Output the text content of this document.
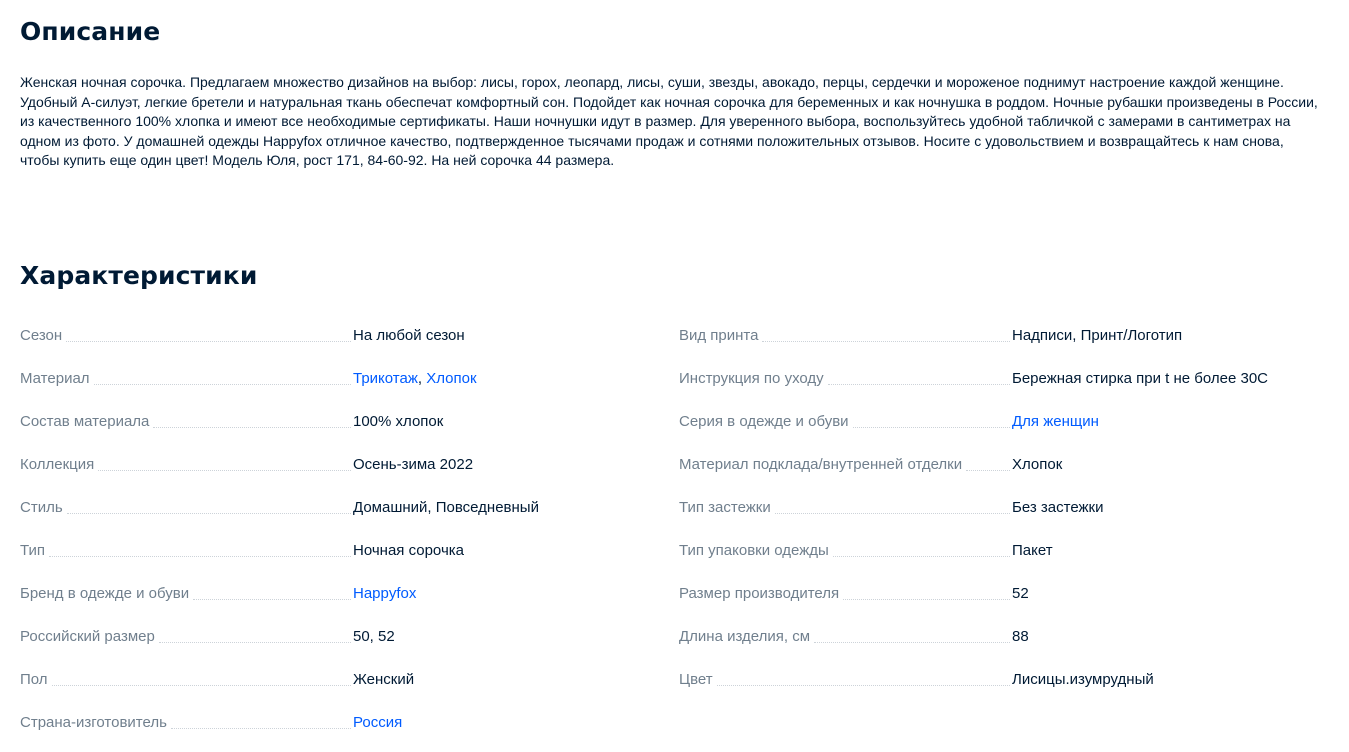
Описание
Женская ночная сорочка. Предлагаем множество дизайнов на выбор: лисы, горох, леопард, лисы, суши, звезды, авокадо, перцы, сердечки и мороженое поднимут настроение каждой женщине. Удобный А-силуэт, легкие бретели и натуральная ткань обеспечат комфортный сон. Подойдет как ночная сорочка для беременных и как ночнушка в роддом. Ночные рубашки произведены в России, из качественного 100% хлопка и имеют все необходимые сертификаты. Наши ночнушки идут в размер. Для уверенного выбора, воспользуйтесь удобной табличкой с замерами в сантиметрах на одном из фото. У домашней одежды Happyfox отличное качество, подтвержденное тысячами продаж и сотнями положительных отзывов. Носите с удовольствием и возвращайтесь к нам снова, чтобы купить еще один цвет! Модель Юля, рост 171, 84-60-92. На ней сорочка 44 размера.
Характеристики
Сезон	На любой сезон
Материал	Трикотаж, Хлопок
Состав материала	100% хлопок
Коллекция	Осень-зима 2022
Стиль	Домашний, Повседневный
Тип	Ночная сорочка
Бренд в одежде и обуви	Happyfox
Российский размер	50, 52
Пол	Женский
Страна-изготовитель	Россия
Вид принта	Надписи, Принт/Логотип
Инструкция по уходу	Бережная стирка при t не более 30С
Серия в одежде и обуви	Для женщин
Материал подклада/внутренней отделки	Хлопок
Тип застежки	Без застежки
Тип упаковки одежды	Пакет
Размер производителя	52
Длина изделия, см	88
Цвет	Лисицы.изумрудный
